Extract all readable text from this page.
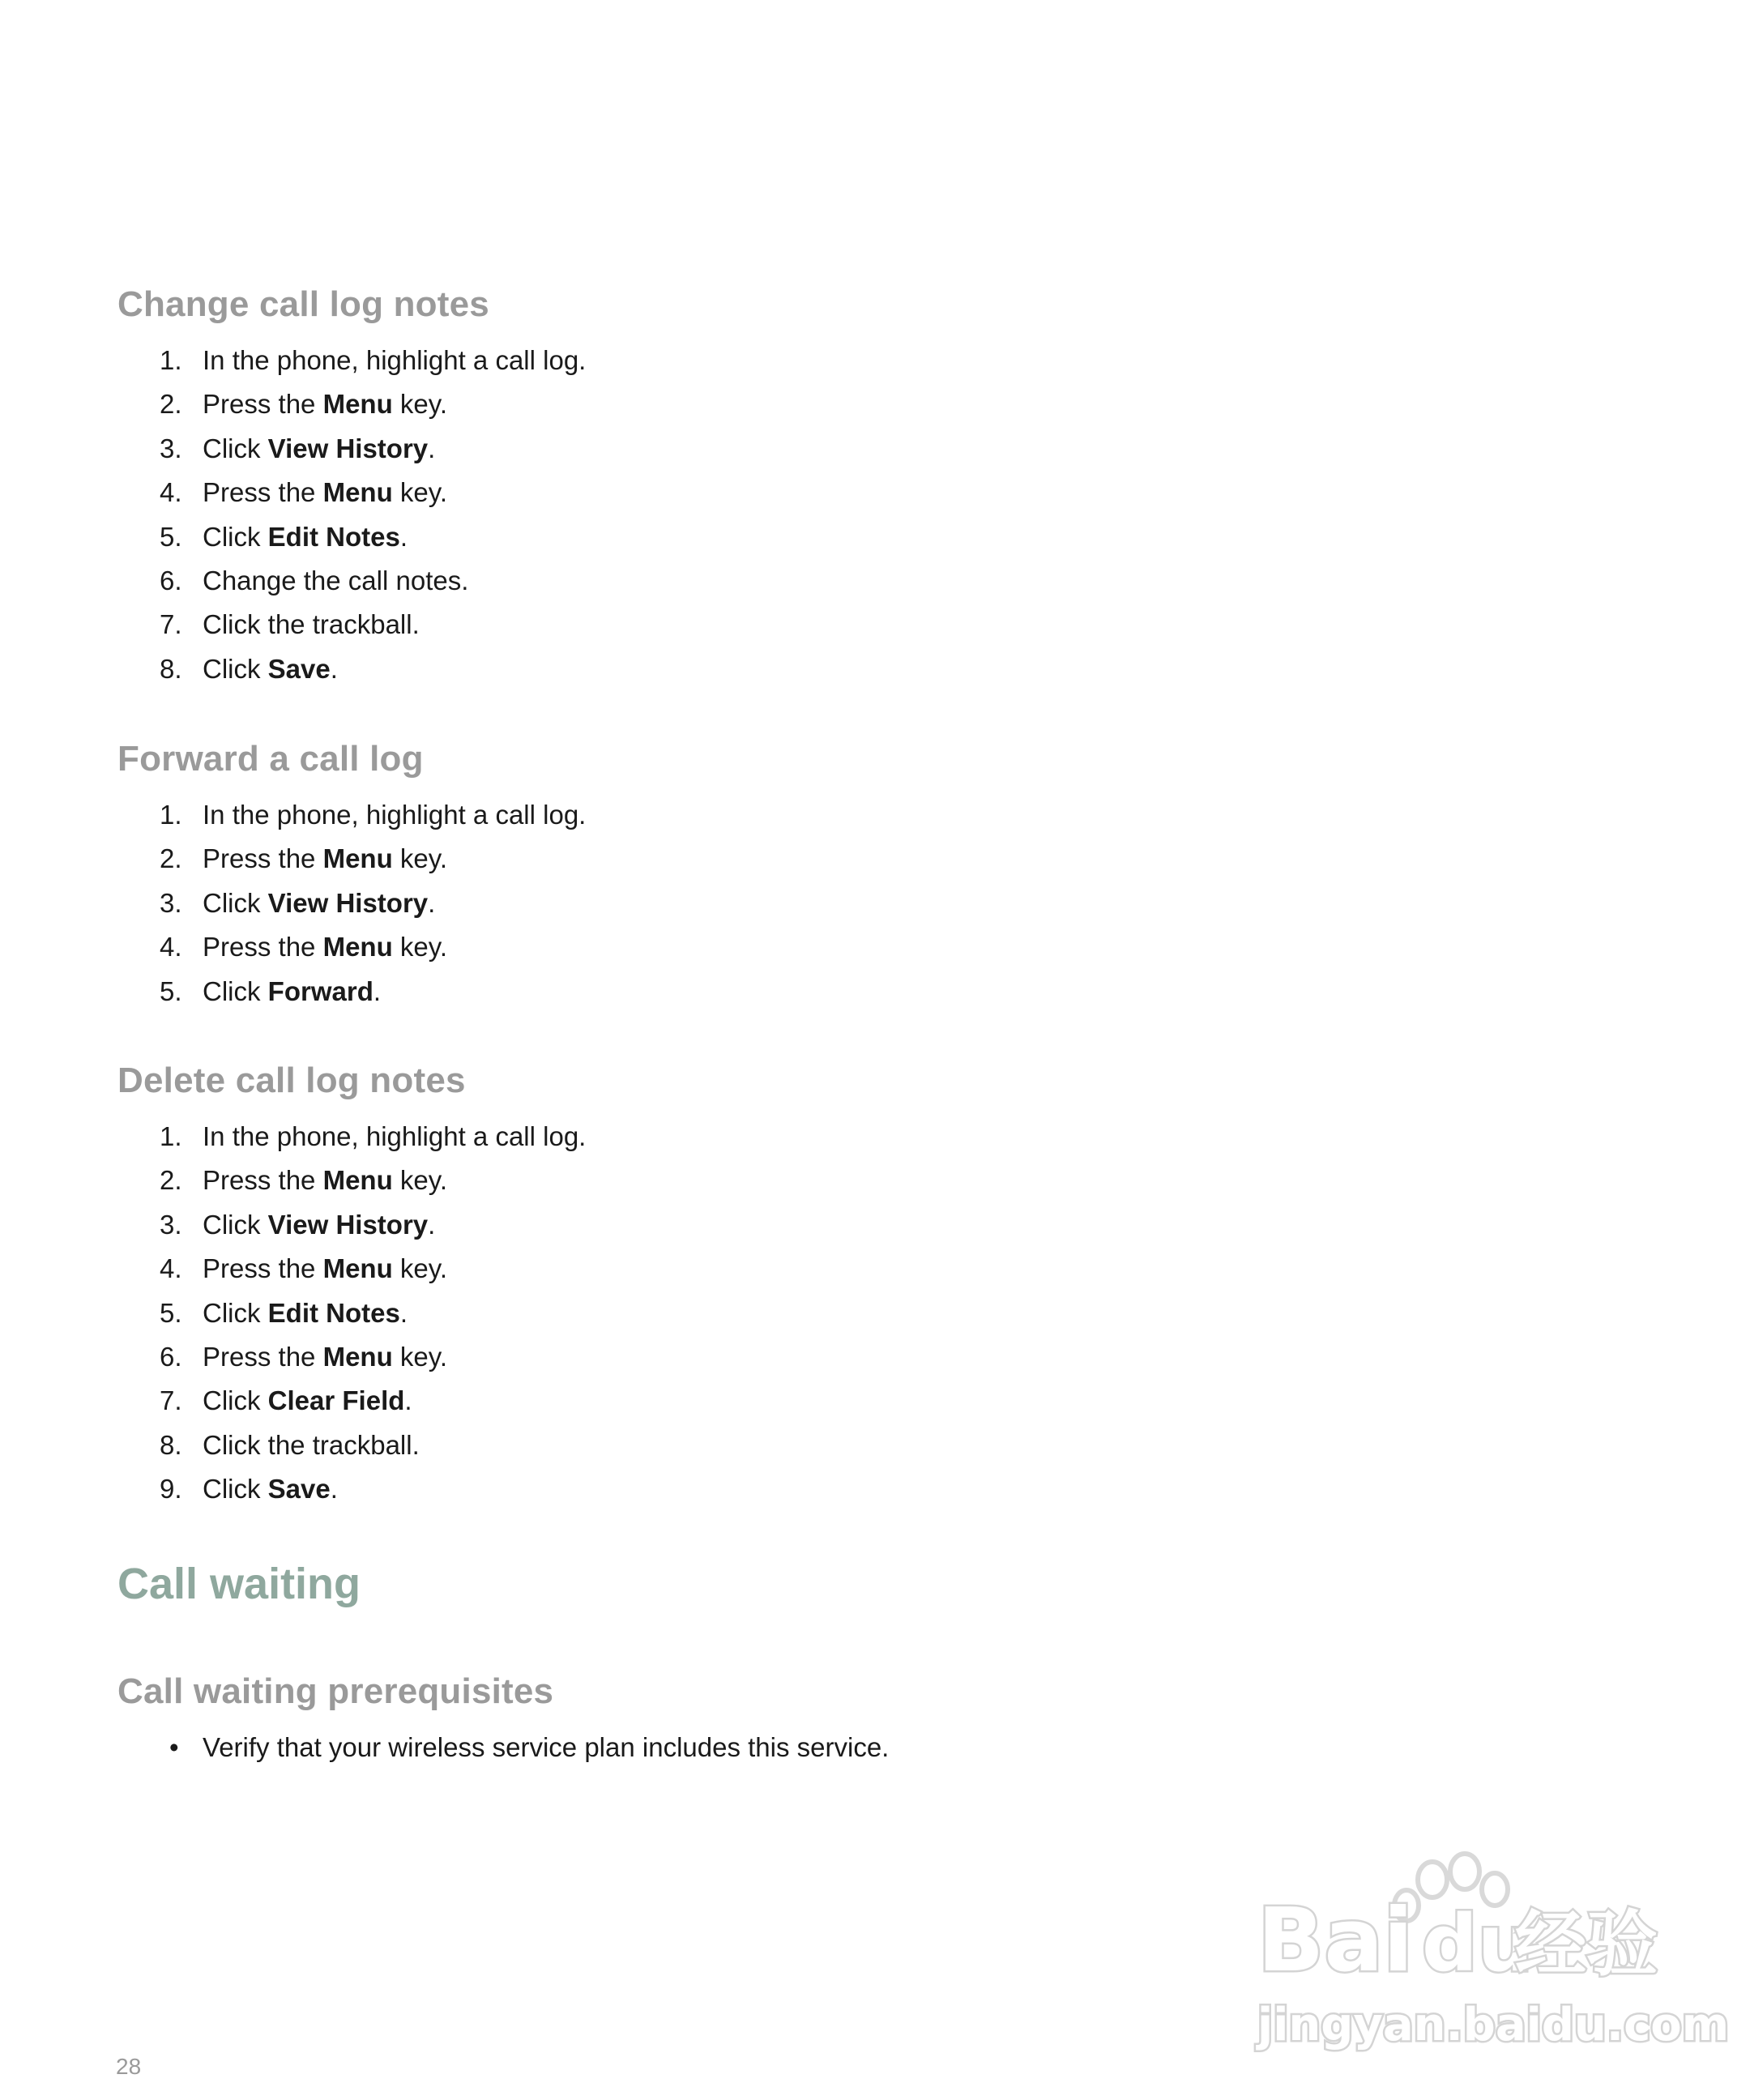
Change call log notes
1. In the phone, highlight a call log.
2. Press the Menu key.
3. Click View History.
4. Press the Menu key.
5. Click Edit Notes.
6. Change the call notes.
7. Click the trackball.
8. Click Save.
Forward a call log
1. In the phone, highlight a call log.
2. Press the Menu key.
3. Click View History.
4. Press the Menu key.
5. Click Forward.
Delete call log notes
1. In the phone, highlight a call log.
2. Press the Menu key.
3. Click View History.
4. Press the Menu key.
5. Click Edit Notes.
6. Press the Menu key.
7. Click Clear Field.
8. Click the trackball.
9. Click Save.
Call waiting
Call waiting prerequisites
• Verify that your wireless service plan includes this service.
28
Bai du
经验
jingyan.baidu.com
